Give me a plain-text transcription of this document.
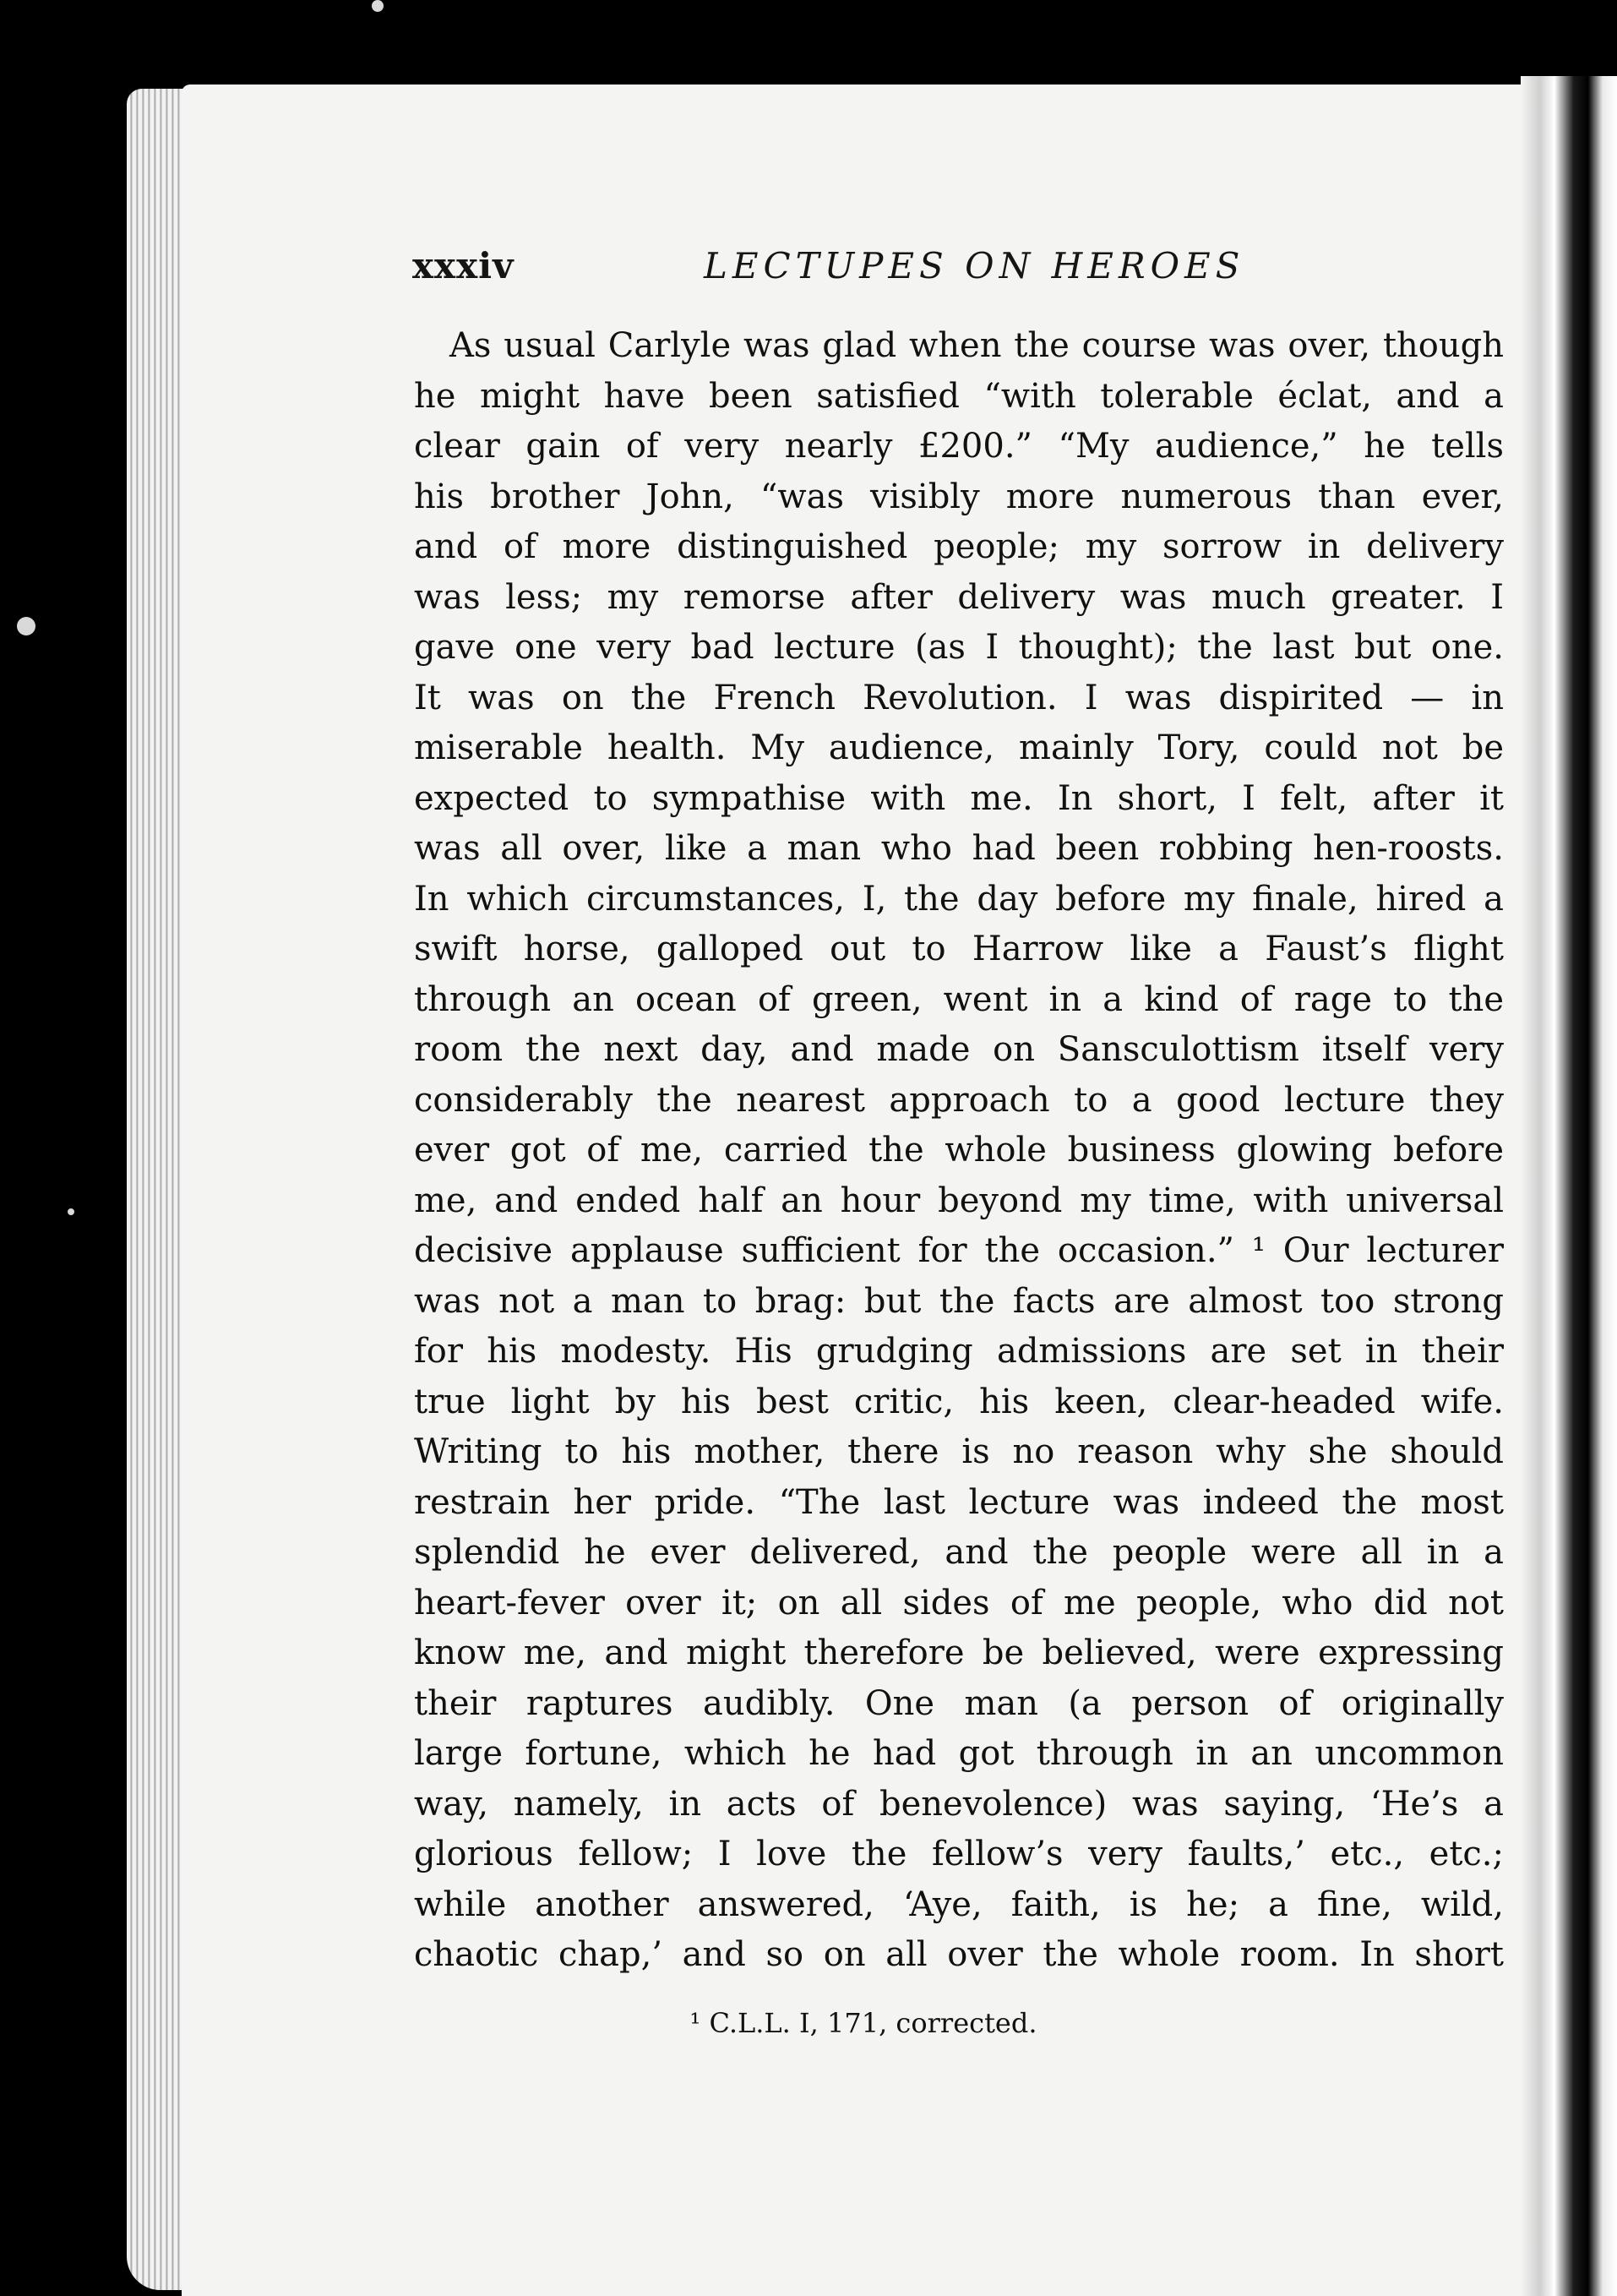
xxxiv	LECTUPES ON HEROES
As usual Carlyle was glad when the course was over, though
he might have been satisfied “with tolerable éclat, and a
clear gain of very nearly £200.” “My audience,” he tells
his brother John, “was visibly more numerous than ever,
and of more distinguished people; my sorrow in delivery
was less; my remorse after delivery was much greater. I
gave one very bad lecture (as I thought); the last but one.
It was on the French Revolution. I was dispirited — in
miserable health. My audience, mainly Tory, could not be
expected to sympathise with me. In short, I felt, after it
was all over, like a man who had been robbing hen-roosts.
In which circumstances, I, the day before my finale, hired a
swift horse, galloped out to Harrow like a Faust’s flight
through an ocean of green, went in a kind of rage to the
room the next day, and made on Sansculottism itself very
considerably the nearest approach to a good lecture they
ever got of me, carried the whole business glowing before
me, and ended half an hour beyond my time, with universal
decisive applause sufficient for the occasion.” ¹ Our lecturer
was not a man to brag: but the facts are almost too strong
for his modesty. His grudging admissions are set in their
true light by his best critic, his keen, clear-headed wife.
Writing to his mother, there is no reason why she should
restrain her pride. “The last lecture was indeed the most
splendid he ever delivered, and the people were all in a
heart-fever over it; on all sides of me people, who did not
know me, and might therefore be believed, were expressing
their raptures audibly. One man (a person of originally
large fortune, which he had got through in an uncommon
way, namely, in acts of benevolence) was saying, ‘He’s a
glorious fellow; I love the fellow’s very faults,’ etc., etc.;
while another answered, ‘Aye, faith, is he; a fine, wild,
chaotic chap,’ and so on all over the whole room. In short
¹ C.L.L. I, 171, corrected.
